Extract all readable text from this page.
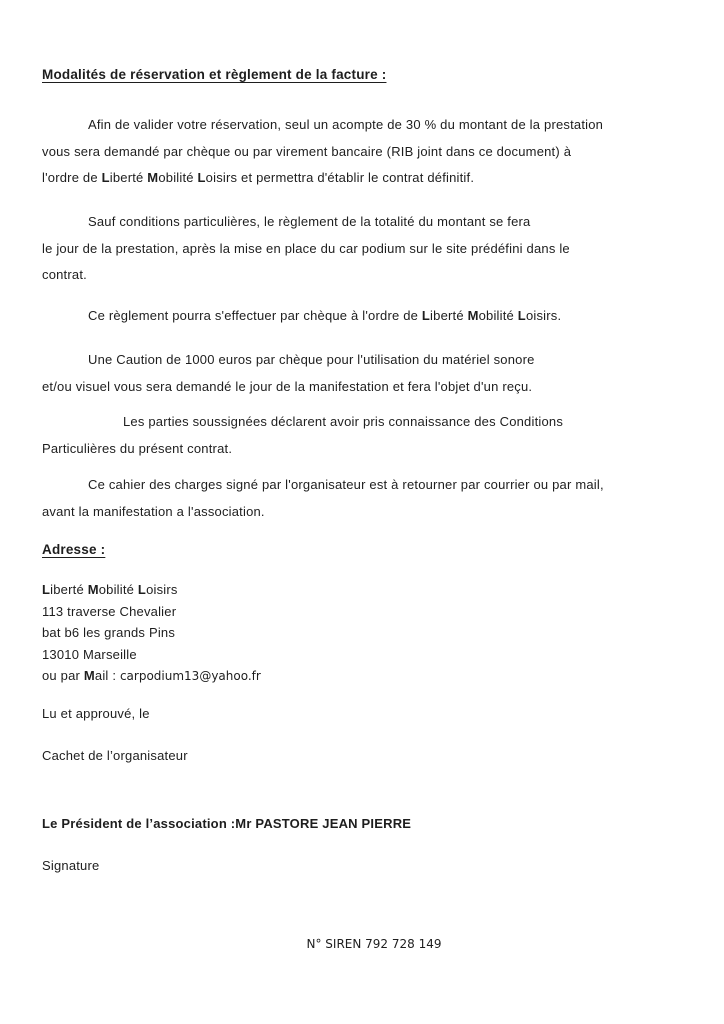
Modalités de réservation et règlement de la facture :
Afin de valider votre réservation, seul un acompte de 30 % du montant de la prestation
vous sera demandé par chèque ou par virement bancaire (RIB joint dans ce document) à
l'ordre de Liberté Mobilité Loisirs et permettra d'établir le contrat définitif.
Sauf conditions particulières, le règlement de la totalité du montant se fera
le jour de la prestation, après la mise en place du car podium sur le site prédéfini dans le
contrat.
Ce règlement pourra s'effectuer par chèque à l'ordre de Liberté Mobilité Loisirs.
Une Caution de 1000 euros par chèque pour l'utilisation du matériel sonore
et/ou visuel vous sera demandé le jour de la manifestation et fera l'objet d'un reçu.
Les parties soussignées déclarent avoir pris connaissance des Conditions
Particulières du présent contrat.
Ce cahier des charges signé par l'organisateur est à retourner par courrier ou par mail,
avant la manifestation a l'association.
Adresse :
Liberté Mobilité Loisirs
113 traverse Chevalier
bat b6 les grands Pins
13010 Marseille
ou par Mail : carpodium13@yahoo.fr
Lu et approuvé, le
Cachet de l’organisateur
Le Président de l’association :Mr PASTORE JEAN PIERRE
Signature
N° SIREN 792 728 149
